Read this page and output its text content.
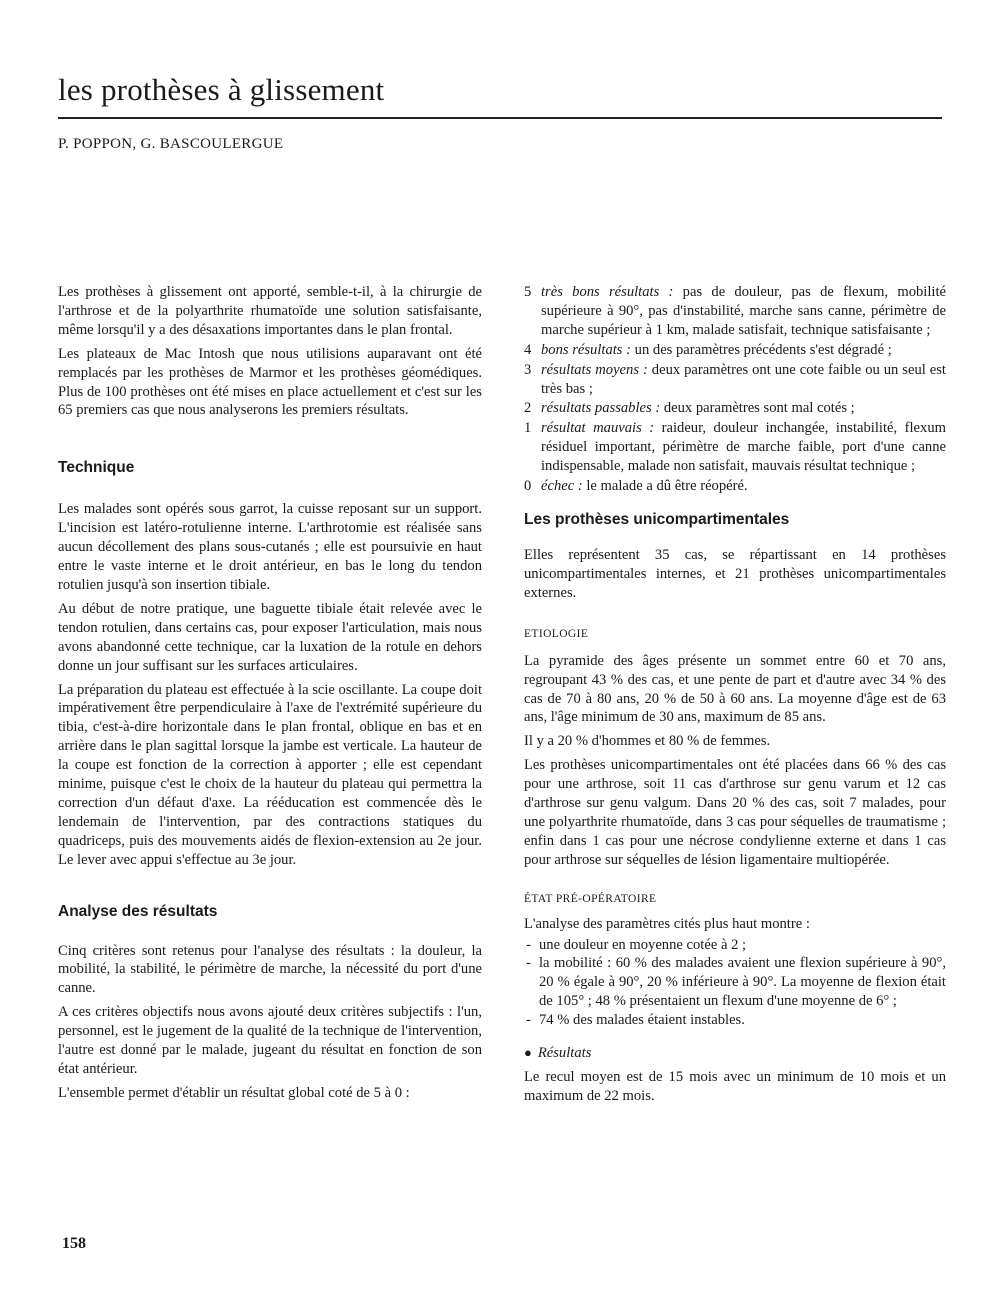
les prothèses à glissement
P. POPPON, G. BASCOULERGUE

Les prothèses à glissement ont apporté, semble-t-il, à la chirurgie de l'arthrose et de la polyarthrite rhumatoïde une solution satisfaisante, même lorsqu'il y a des désaxations importantes dans le plan frontal.

Les plateaux de Mac Intosh que nous utilisions auparavant ont été remplacés par les prothèses de Marmor et les prothèses géomédiques. Plus de 100 prothèses ont été mises en place actuellement et c'est sur les 65 premiers cas que nous analyserons les premiers résultats.

Technique

Les malades sont opérés sous garrot, la cuisse reposant sur un support. L'incision est latéro-rotulienne interne. L'arthrotomie est réalisée sans aucun décollement des plans sous-cutanés ; elle est poursuivie en haut entre le vaste interne et le droit antérieur, en bas le long du tendon rotulien jusqu'à son insertion tibiale.

Au début de notre pratique, une baguette tibiale était relevée avec le tendon rotulien, dans certains cas, pour exposer l'articulation, mais nous avons abandonné cette technique, car la luxation de la rotule en dehors donne un jour suffisant sur les surfaces articulaires.

La préparation du plateau est effectuée à la scie oscillante. La coupe doit impérativement être perpendiculaire à l'axe de l'extrémité supérieure du tibia, c'est-à-dire horizontale dans le plan frontal, oblique en bas et en arrière dans le plan sagittal lorsque la jambe est verticale. La hauteur de la coupe est fonction de la correction à apporter ; elle est cependant minime, puisque c'est le choix de la hauteur du plateau qui permettra la correction d'un défaut d'axe. La rééducation est commencée dès le lendemain de l'intervention, par des contractions statiques du quadriceps, puis des mouvements aidés de flexion-extension au 2e jour. Le lever avec appui s'effectue au 3e jour.

Analyse des résultats

Cinq critères sont retenus pour l'analyse des résultats : la douleur, la mobilité, la stabilité, le périmètre de marche, la nécessité du port d'une canne.

A ces critères objectifs nous avons ajouté deux critères subjectifs : l'un, personnel, est le jugement de la qualité de la technique de l'intervention, l'autre est donné par le malade, jugeant du résultat en fonction de son état antérieur.

L'ensemble permet d'établir un résultat global coté de 5 à 0 :

5 très bons résultats : pas de douleur, pas de flexum, mobilité supérieure à 90°, pas d'instabilité, marche sans canne, périmètre de marche supérieur à 1 km, malade satisfait, technique satisfaisante ;
4 bons résultats : un des paramètres précédents s'est dégradé ;
3 résultats moyens : deux paramètres ont une cote faible ou un seul est très bas ;
2 résultats passables : deux paramètres sont mal cotés ;
1 résultat mauvais : raideur, douleur inchangée, instabilité, flexum résiduel important, périmètre de marche faible, port d'une canne indispensable, malade non satisfait, mauvais résultat technique ;
0 échec : le malade a dû être réopéré.
Les prothèses unicompartimentales

Elles représentent 35 cas, se répartissant en 14 prothèses unicompartimentales internes, et 21 prothèses unicompartimentales externes.

ETIOLOGIE

La pyramide des âges présente un sommet entre 60 et 70 ans, regroupant 43 % des cas, et une pente de part et d'autre avec 34 % des cas de 70 à 80 ans, 20 % de 50 à 60 ans. La moyenne d'âge est de 63 ans, l'âge minimum de 30 ans, maximum de 85 ans.

Il y a 20 % d'hommes et 80 % de femmes.

Les prothèses unicompartimentales ont été placées dans 66 % des cas pour une arthrose, soit 11 cas d'arthrose sur genu varum et 12 cas d'arthrose sur genu valgum. Dans 20 % des cas, soit 7 malades, pour une polyarthrite rhumatoïde, dans 3 cas pour séquelles de traumatisme ; enfin dans 1 cas pour une nécrose condylienne externe et dans 1 cas pour arthrose sur séquelles de lésion ligamentaire multiopérée.

ÉTAT PRÉ-OPÉRATOIRE

L'analyse des paramètres cités plus haut montre :

- une douleur en moyenne cotée à 2 ;
- la mobilité : 60 % des malades avaient une flexion supérieure à 90°, 20 % égale à 90°, 20 % inférieure à 90°. La moyenne de flexion était de 105° ; 48 % présentaient un flexum d'une moyenne de 6° ;
- 74 % des malades étaient instables.

● Résultats

Le recul moyen est de 15 mois avec un minimum de 10 mois et un maximum de 22 mois.

158
